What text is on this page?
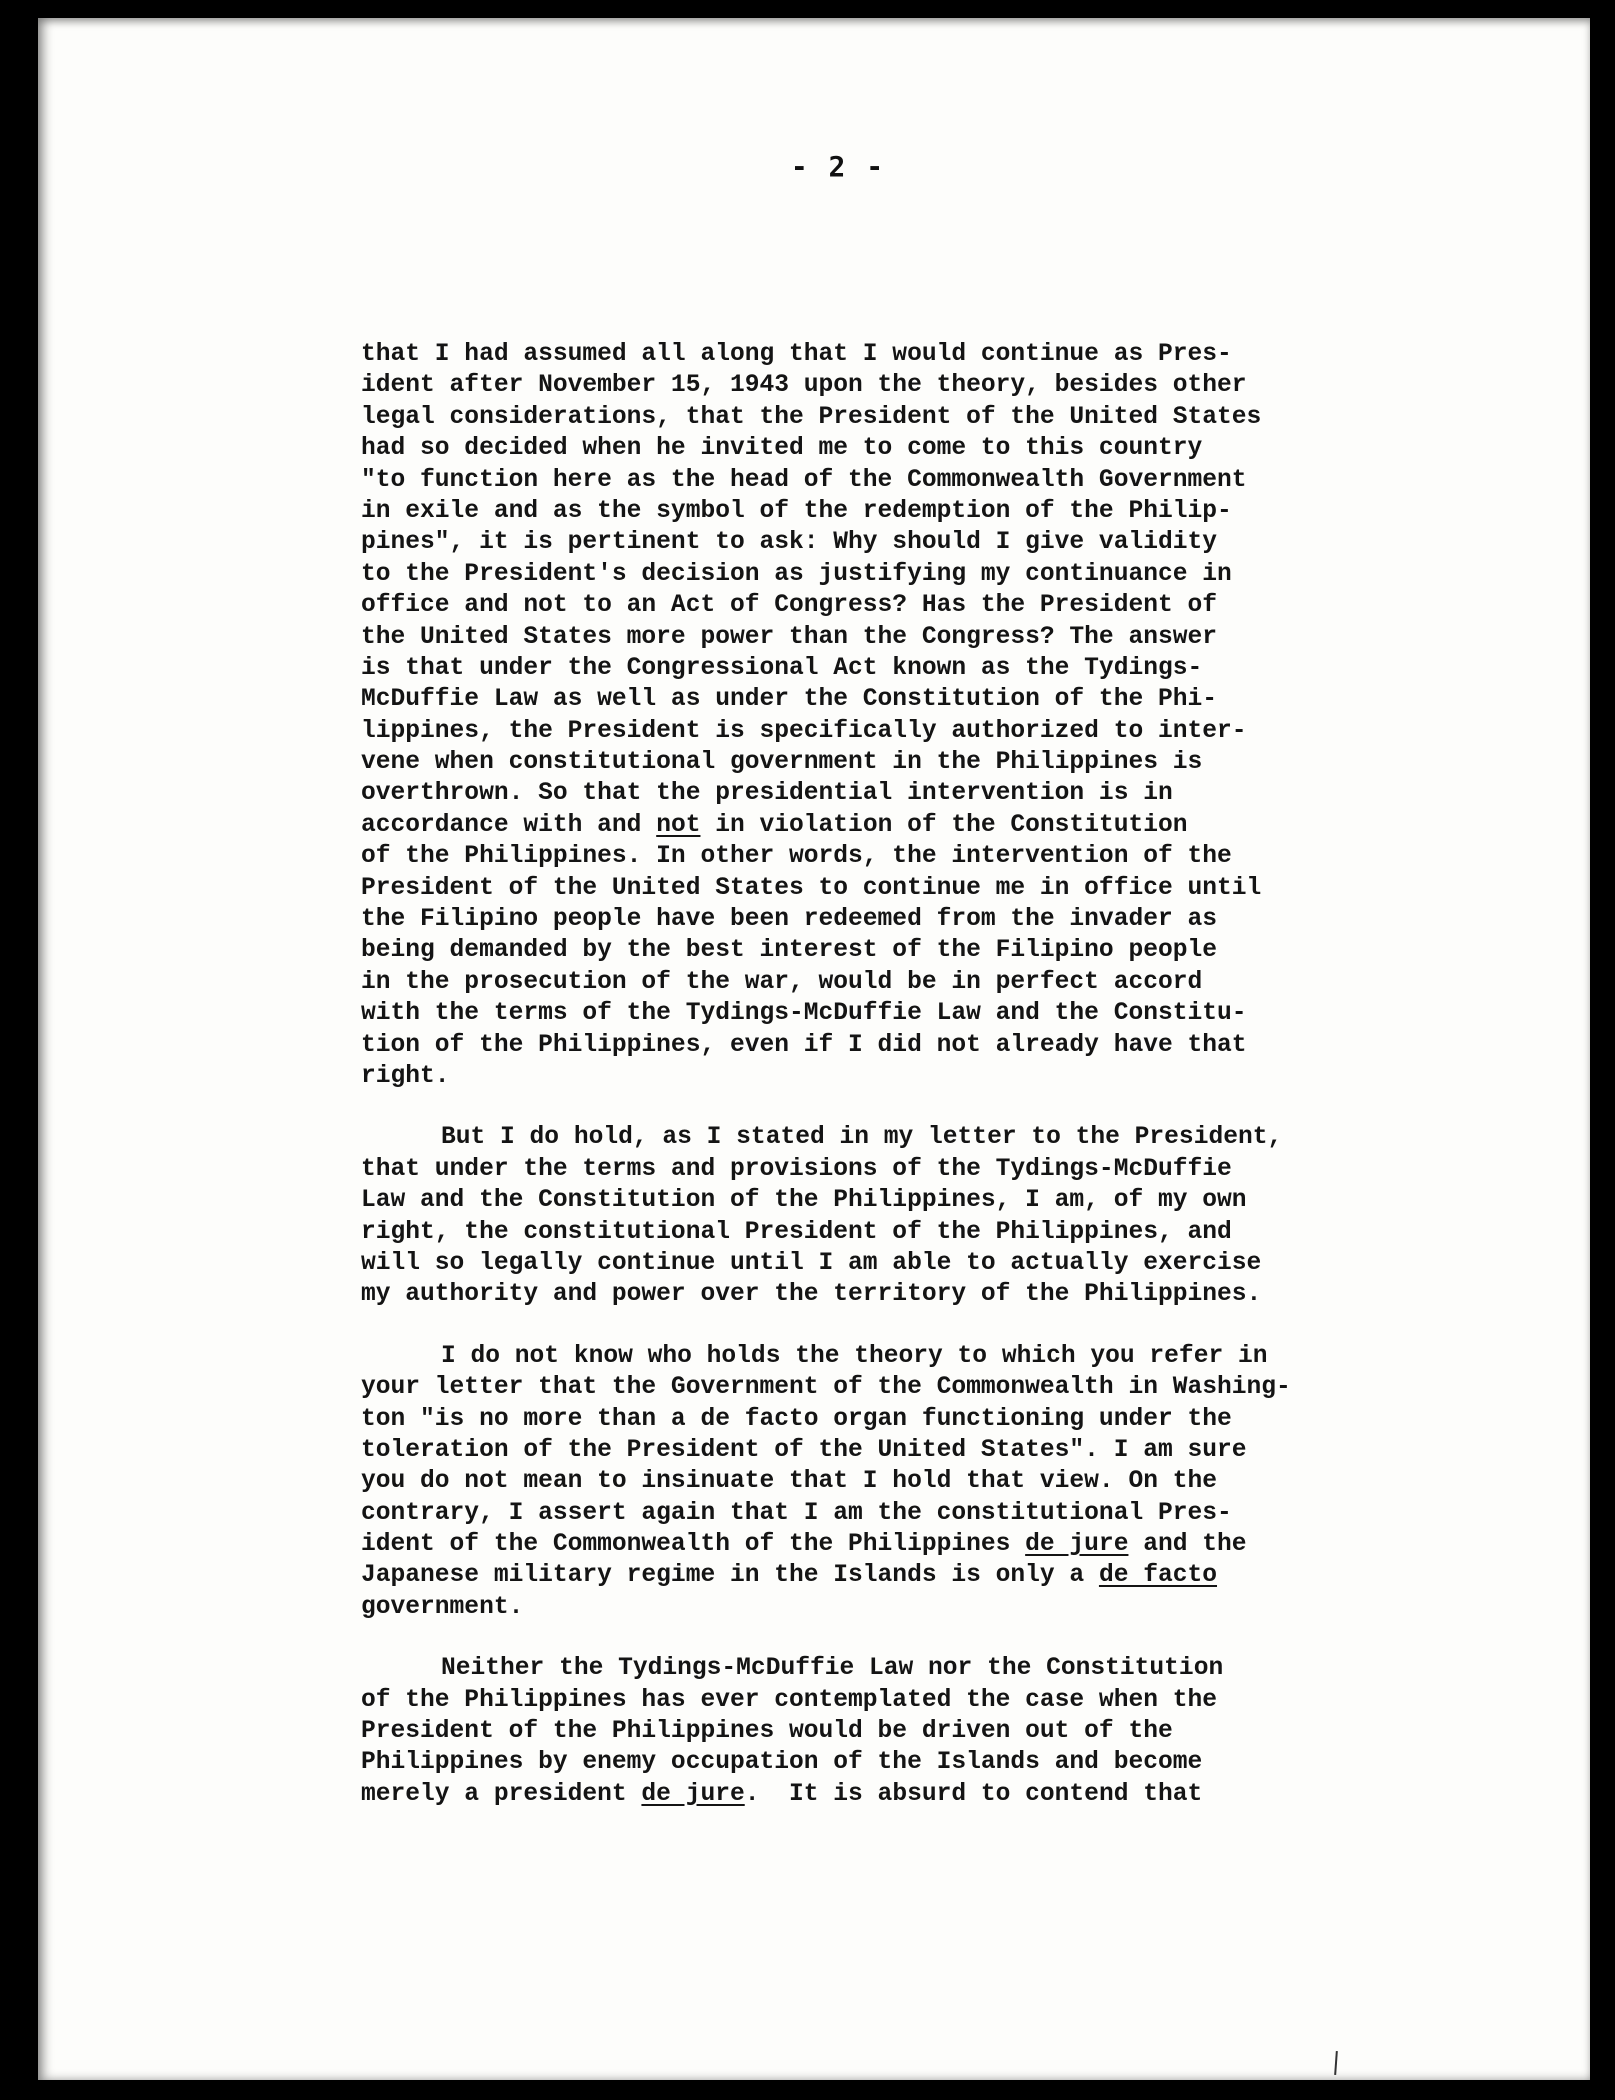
- 2 -
that I had assumed all along that I would continue as Pres-
ident after November 15, 1943 upon the theory, besides other
legal considerations, that the President of the United States
had so decided when he invited me to come to this country
"to function here as the head of the Commonwealth Government
in exile and as the symbol of the redemption of the Philip-
pines", it is pertinent to ask: Why should I give validity
to the President's decision as justifying my continuance in
office and not to an Act of Congress? Has the President of
the United States more power than the Congress? The answer
is that under the Congressional Act known as the Tydings-
McDuffie Law as well as under the Constitution of the Phi-
lippines, the President is specifically authorized to inter-
vene when constitutional government in the Philippines is
overthrown. So that the presidential intervention is in
accordance with and not in violation of the Constitution
of the Philippines. In other words, the intervention of the
President of the United States to continue me in office until
the Filipino people have been redeemed from the invader as
being demanded by the best interest of the Filipino people
in the prosecution of the war, would be in perfect accord
with the terms of the Tydings-McDuffie Law and the Constitu-
tion of the Philippines, even if I did not already have that
right.
But I do hold, as I stated in my letter to the President,
that under the terms and provisions of the Tydings-McDuffie
Law and the Constitution of the Philippines, I am, of my own
right, the constitutional President of the Philippines, and
will so legally continue until I am able to actually exercise
my authority and power over the territory of the Philippines.
I do not know who holds the theory to which you refer in
your letter that the Government of the Commonwealth in Washing-
ton "is no more than a de facto organ functioning under the
toleration of the President of the United States". I am sure
you do not mean to insinuate that I hold that view. On the
contrary, I assert again that I am the constitutional Pres-
ident of the Commonwealth of the Philippines de jure and the
Japanese military regime in the Islands is only a de facto
government.
Neither the Tydings-McDuffie Law nor the Constitution
of the Philippines has ever contemplated the case when the
President of the Philippines would be driven out of the
Philippines by enemy occupation of the Islands and become
merely a president de jure.  It is absurd to contend that
